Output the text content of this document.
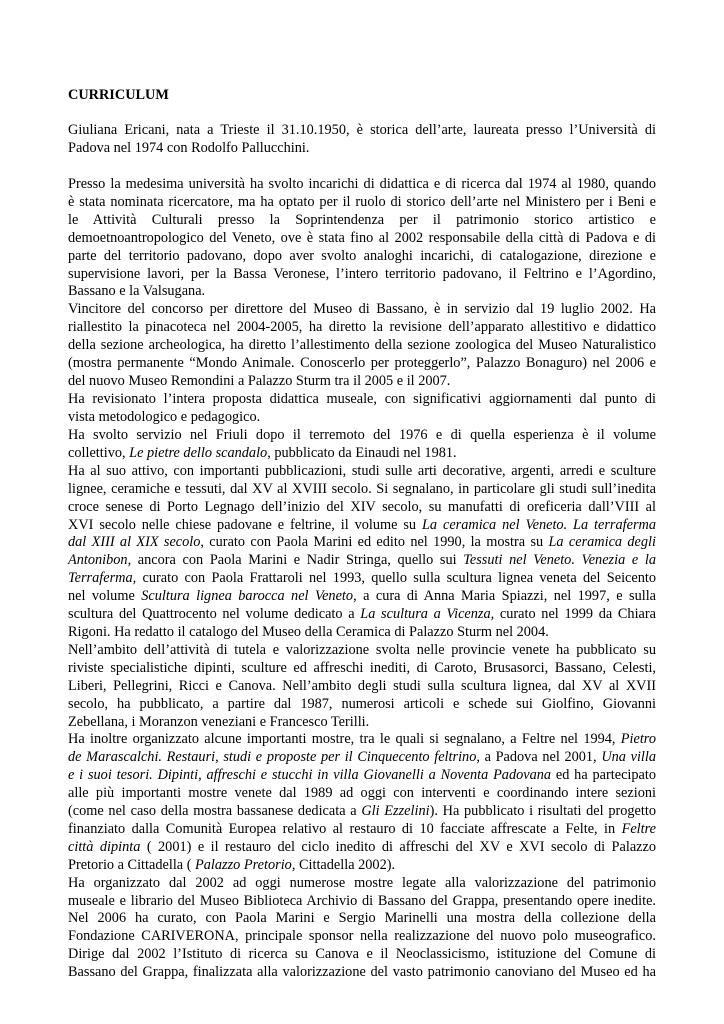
CURRICULUM
Giuliana Ericani, nata a Trieste il 31.10.1950, è storica dell’arte, laureata presso l’Università di
Padova nel 1974 con Rodolfo Pallucchini.
Presso la medesima università ha svolto incarichi di didattica e di ricerca dal 1974 al 1980, quando
è stata nominata ricercatore, ma ha optato per il ruolo di storico dell’arte nel Ministero per i Beni e
le Attività Culturali presso la Soprintendenza per il patrimonio storico artistico e
demoetnoantropologico del Veneto, ove è stata fino al 2002 responsabile della città di Padova e di
parte del territorio padovano, dopo aver svolto analoghi incarichi, di catalogazione, direzione e
supervisione lavori, per la Bassa Veronese, l’intero territorio padovano, il Feltrino e l’Agordino,
Bassano e la Valsugana.
Vincitore del concorso per direttore del Museo di Bassano, è in servizio dal 19 luglio 2002. Ha
riallestito la pinacoteca nel 2004-2005, ha diretto la revisione dell’apparato allestitivo e didattico
della sezione archeologica, ha diretto l’allestimento della sezione zoologica del Museo Naturalistico
(mostra permanente “Mondo Animale. Conoscerlo per proteggerlo”, Palazzo Bonaguro) nel 2006 e
del nuovo Museo Remondini a Palazzo Sturm tra il 2005 e il 2007.
Ha revisionato l’intera proposta didattica museale, con significativi aggiornamenti dal punto di
vista metodologico e pedagogico.
Ha svolto servizio nel Friuli dopo il terremoto del 1976 e di quella esperienza è il volume
collettivo, Le pietre dello scandalo, pubblicato da Einaudi nel 1981.
Ha al suo attivo, con importanti pubblicazioni, studi sulle arti decorative, argenti, arredi e sculture
lignee, ceramiche e tessuti, dal XV al XVIII secolo. Si segnalano, in particolare gli studi sull’inedita
croce senese di Porto Legnago dell’inizio del XIV secolo, su manufatti di oreficeria dall’VIII al
XVI secolo nelle chiese padovane e feltrine, il volume su La ceramica nel Veneto. La terraferma
dal XIII al XIX secolo, curato con Paola Marini ed edito nel 1990, la mostra su La ceramica degli
Antonibon, ancora con Paola Marini e Nadir Stringa, quello sui Tessuti nel Veneto. Venezia e la
Terraferma, curato con Paola Frattaroli nel 1993, quello sulla scultura lignea veneta del Seicento
nel volume Scultura lignea barocca nel Veneto, a cura di Anna Maria Spiazzi, nel 1997, e sulla
scultura del Quattrocento nel volume dedicato a La scultura a Vicenza, curato nel 1999 da Chiara
Rigoni. Ha redatto il catalogo del Museo della Ceramica di Palazzo Sturm nel 2004.
Nell’ambito dell’attività di tutela e valorizzazione svolta nelle provincie venete ha pubblicato su
riviste specialistiche dipinti, sculture ed affreschi inediti, di Caroto, Brusasorci, Bassano, Celesti,
Liberi, Pellegrini, Ricci e Canova. Nell’ambito degli studi sulla scultura lignea, dal XV al XVII
secolo, ha pubblicato, a partire dal 1987, numerosi articoli e schede sui Giolfino, Giovanni
Zebellana, i Moranzon veneziani e Francesco Terilli.
Ha inoltre organizzato alcune importanti mostre, tra le quali si segnalano, a Feltre nel 1994, Pietro
de Marascalchi. Restauri, studi e proposte per il Cinquecento feltrino, a Padova nel 2001, Una villa
e i suoi tesori. Dipinti, affreschi e stucchi in villa Giovanelli a Noventa Padovana ed ha partecipato
alle più importanti mostre venete dal 1989 ad oggi con interventi e coordinando intere sezioni
(come nel caso della mostra bassanese dedicata a Gli Ezzelini). Ha pubblicato i risultati del progetto
finanziato dalla Comunità Europea relativo al restauro di 10 facciate affrescate a Felte, in Feltre
città dipinta ( 2001) e il restauro del ciclo inedito di affreschi del XV e XVI secolo di Palazzo
Pretorio a Cittadella ( Palazzo Pretorio, Cittadella 2002).
Ha organizzato dal 2002 ad oggi numerose mostre legate alla valorizzazione del patrimonio
museale e librario del Museo Biblioteca Archivio di Bassano del Grappa, presentando opere inedite.
Nel 2006 ha curato, con Paola Marini e Sergio Marinelli una mostra della collezione della
Fondazione CARIVERONA, principale sponsor nella realizzazione del nuovo polo museografico.
Dirige dal 2002 l’Istituto di ricerca su Canova e il Neoclassicismo, istituzione del Comune di
Bassano del Grappa, finalizzata alla valorizzazione del vasto patrimonio canoviano del Museo ed ha
